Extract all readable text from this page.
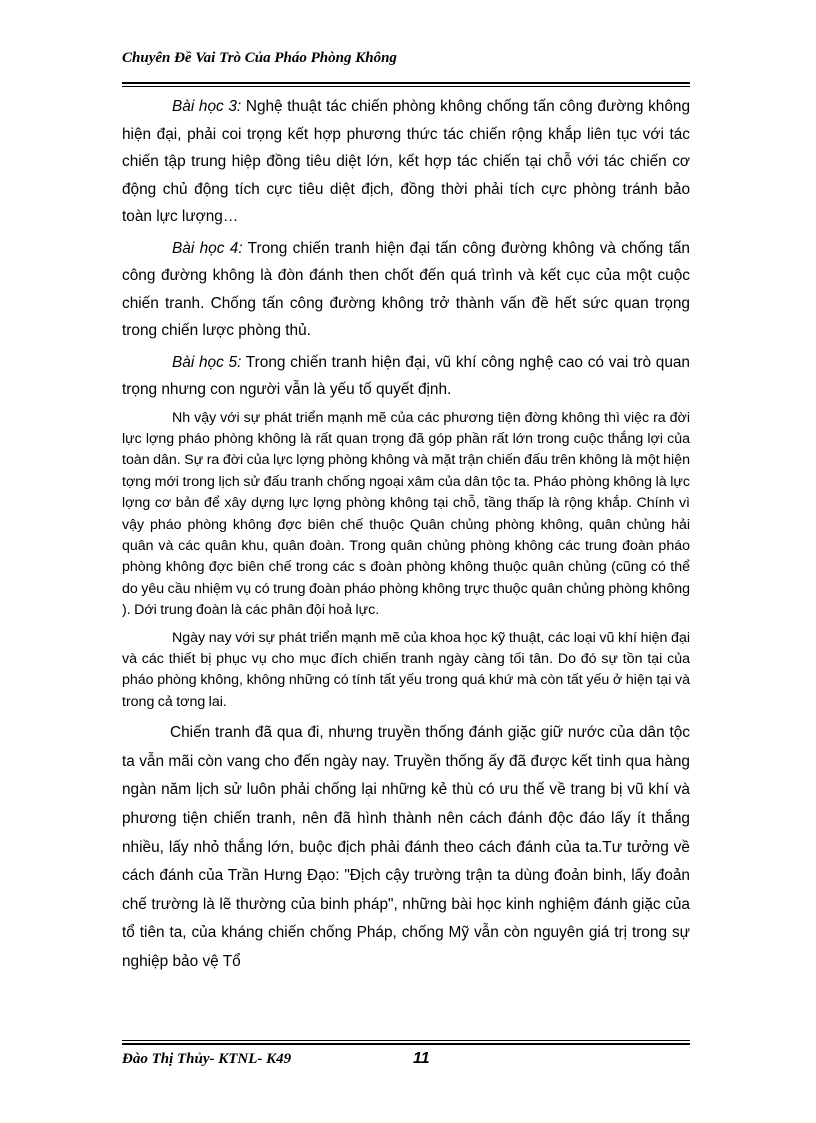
Chuyên Đề Vai Trò Của Pháo Phòng Không

Bài học 3: Nghệ thuật tác chiến phòng không chống tấn công đường không hiện đại, phải coi trọng kết hợp phương thức tác chiến rộng khắp liên tục với tác chiến tập trung hiệp đồng tiêu diệt lớn, kết hợp tác chiến tại chỗ với tác chiến cơ động chủ động tích cực tiêu diệt địch, đồng thời phải tích cực phòng tránh bảo toàn lực lượng…

Bài học 4: Trong chiến tranh hiện đại tấn công đường không và chống tấn công đường không là đòn đánh then chốt đến quá trình và kết cục của một cuộc chiến tranh. Chống tấn công đường không trở thành vấn đề hết sức quan trọng trong chiến lược phòng thủ.

Bài học 5: Trong chiến tranh hiện đại, vũ khí công nghệ cao có vai trò quan trọng nhưng con người vẫn là yếu tố quyết định.

Nh vậy với sự phát triển mạnh mẽ của các phương tiện đờng không thì việc ra đời lực lợng pháo phòng không là rất quan trọng đã góp phần rất lớn trong cuộc thắng lợi của toàn dân. Sự ra đời của lực lợng phòng không và mặt trận chiến đấu trên không là một hiện tợng mới trong lịch sử đấu tranh chống ngoại xâm của dân tộc ta. Pháo phòng không là lực lợng cơ bản để xây dựng lực lợng phòng không tại chỗ, tầng thấp là rộng khắp. Chính vì vậy pháo phòng không đợc biên chế thuộc Quân chủng phòng không, quân chủng hải quân và các quân khu, quân đoàn. Trong quân chủng phòng không các trung đoàn pháo phòng không đợc biên chế trong các s đoàn phòng không thuộc quân chủng (cũng có thể do yêu cầu nhiệm vụ có trung đoàn pháo phòng không trực thuộc quân chủng phòng không ). Dới trung đoàn là các phân đội hoả lực.

Ngày nay với sự phát triển mạnh mẽ của khoa học kỹ thuật, các loại vũ khí hiện đại và các thiết bị phục vụ cho mục đích chiến tranh ngày càng tối tân. Do đó sự tồn tại của pháo phòng không, không những có tính tất yếu trong quá khứ mà còn tất yếu ở hiện tại và trong cả tơng lai.

Chiến tranh đã qua đi, nhưng truyền thống đánh giặc giữ nước của dân tộc ta vẫn mãi còn vang cho đến ngày nay. Truyền thống ấy đã được kết tinh qua hàng ngàn năm lịch sử luôn phải chống lại những kẻ thù có ưu thế về trang bị vũ khí và phương tiện chiến tranh, nên đã hình thành nên cách đánh độc đáo lấy ít thắng nhiều, lấy nhỏ thắng lớn, buộc địch phải đánh theo cách đánh của ta.Tư tưởng về cách đánh của Trần Hưng Đạo: "Địch cậy trường trận ta dùng đoản binh, lấy đoản chế trường là lẽ thường của binh pháp", những bài học kinh nghiệm đánh giặc của tổ tiên ta, của kháng chiến chống Pháp, chống Mỹ vẫn còn nguyên giá trị trong sự nghiệp bảo vệ Tổ

Đào Thị Thủy- KTNL- K49	11
